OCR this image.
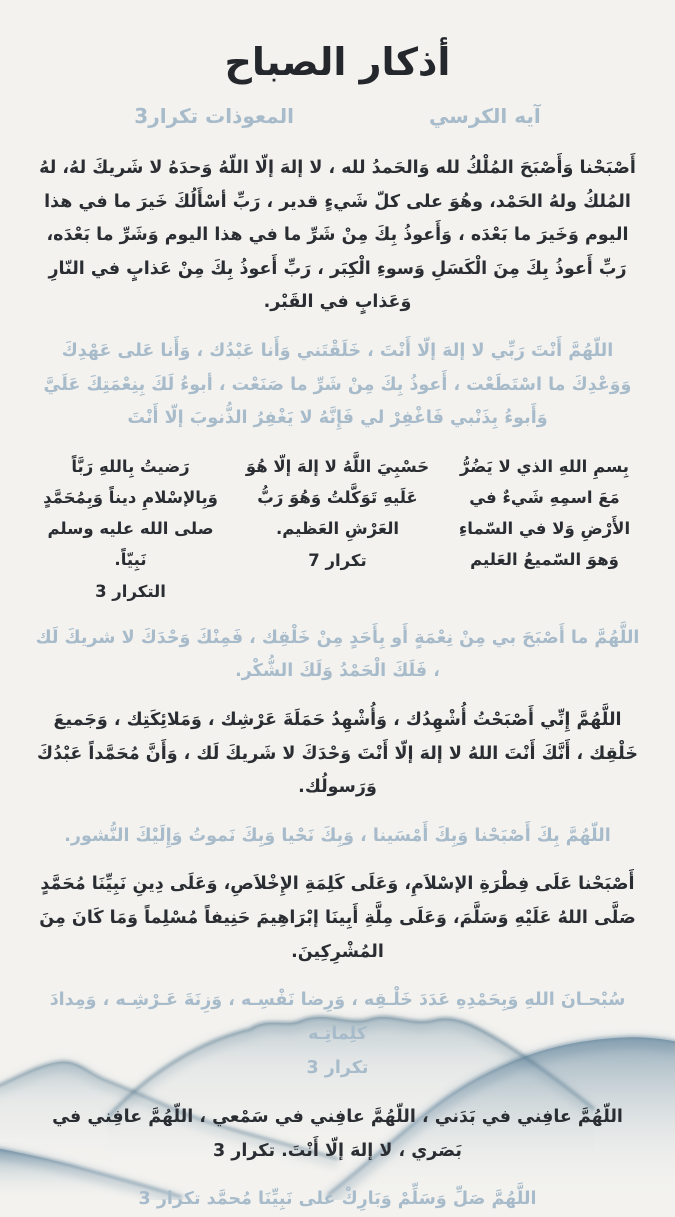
أذكار الصباح
آيه الكرسي
المعوذات تكرار3

أَصْبَحْنا وَأَصْبَحَ المُلْكُ لله وَالحَمدُ لله ، لا إلهَ إلّا اللّهُ وَحدَهُ لا شَريكَ لهُ، لهُ المُلكُ ولهُ الحَمْد، وهُوَ على كلّ شَيءٍ قدير ، رَبِّ أسْأَلُكَ خَيرَ ما في هذا اليوم وَخَيرَ ما بَعْدَه ، وَأَعوذُ بِكَ مِنْ شَرِّ ما في هذا اليوم وَشَرِّ ما بَعْدَه، رَبِّ أَعوذُ بِكَ مِنَ الْكَسَلِ وَسوءِ الْكِبَر ، رَبِّ أَعوذُ بِكَ مِنْ عَذابٍ في النّارِ وَعَذابٍ في القَبْر.

اللّهُمَّ أَنْتَ رَبِّي لا إلهَ إلّا أَنْتَ ، خَلَقْتَني وَأَنا عَبْدُك ، وَأَنا عَلى عَهْدِكَ وَوَعْدِكَ ما اسْتَطَعْت ، أَعوذُ بِكَ مِنْ شَرِّ ما صَنَعْت ، أبوءُ لَكَ بِنِعْمَتِكَ عَلَيَّ وَأَبوءُ بِذَنْبي فَاغْفِرْ لي فَإِنَّهُ لا يَغْفِرُ الذُّنوبَ إلّا أَنْتَ

بِسمِ اللهِ الذي لا يَضُرُّ مَعَ اسمِهِ شَيءٌ في الأَرْضِ وَلا في السّماءِ وَهوَ السّميعُ العَليم
حَسْبِيَ اللَّهُ لا إلهَ إلّا هُوَ عَلَيهِ تَوَكَّلتُ وَهُوَ رَبُّ العَرْشِ العَظيم.
تكرار 7
رَضيتُ بِاللهِ رَبَّاً وَبِالإسْلامِ ديناً وَبِمُحَمَّدٍ صلى الله عليه وسلم نَبِيّاً.
التكرار 3

اللَّهُمَّ ما أَصْبَحَ بي مِنْ نِعْمَةٍ أَو بِأَحَدٍ مِنْ خَلْقِك ، فَمِنْكَ وَحْدَكَ لا شريكَ لَك ، فَلَكَ الْحَمْدُ وَلَكَ الشُّكْر.

اللَّهُمَّ إِنِّي أَصْبَحْتُ أُشْهِدُك ، وَأُشْهِدُ حَمَلَةَ عَرْشِك ، وَمَلائِكَتِك ، وَجَميعَ خَلْقِك ، أَنَّكَ أَنْتَ اللهُ لا إلهَ إلّا أَنْتَ وَحْدَكَ لا شَريكَ لَك ، وَأَنَّ مُحَمَّداً عَبْدُكَ وَرَسولُك.

اللّهُمَّ بِكَ أَصْبَحْنا وَبِكَ أَمْسَينا ، وَبِكَ نَحْيا وَبِكَ نَموتُ وَإِلَيْكَ النُّشور.

أَصْبَحْنا عَلَى فِطْرَةِ الإسْلاَمِ، وَعَلَى كَلِمَةِ الإِخْلاَصِ، وَعَلَى دِينِ نَبِيِّنَا مُحَمَّدٍ صَلَّى اللهُ عَلَيْهِ وَسَلَّمَ، وَعَلَى مِلَّةِ أَبِينَا إبْرَاهِيمَ حَنِيفاً مُسْلِماً وَمَا كَانَ مِنَ المُشْرِكِينَ.

سُبْحـانَ اللهِ وَبِحَمْدِهِ عَدَدَ خَلْـقِه ، وَرِضا نَفْسِـه ، وَزِنَةَ عَـرْشِـه ، وَمِدادَ كَلِماتِـه
تكرار 3

اللّهُمَّ عافِني في بَدَني ، اللّهُمَّ عافِني في سَمْعي ، اللّهُمَّ عافِني في بَصَري ، لا إلهَ إلّا أَنْتَ. تكرار 3

اللَّهُمَّ صَلِّ وَسَلِّمْ وَبَارِكْ على نَبِيِّنَا مُحمَّد تكرار 3
